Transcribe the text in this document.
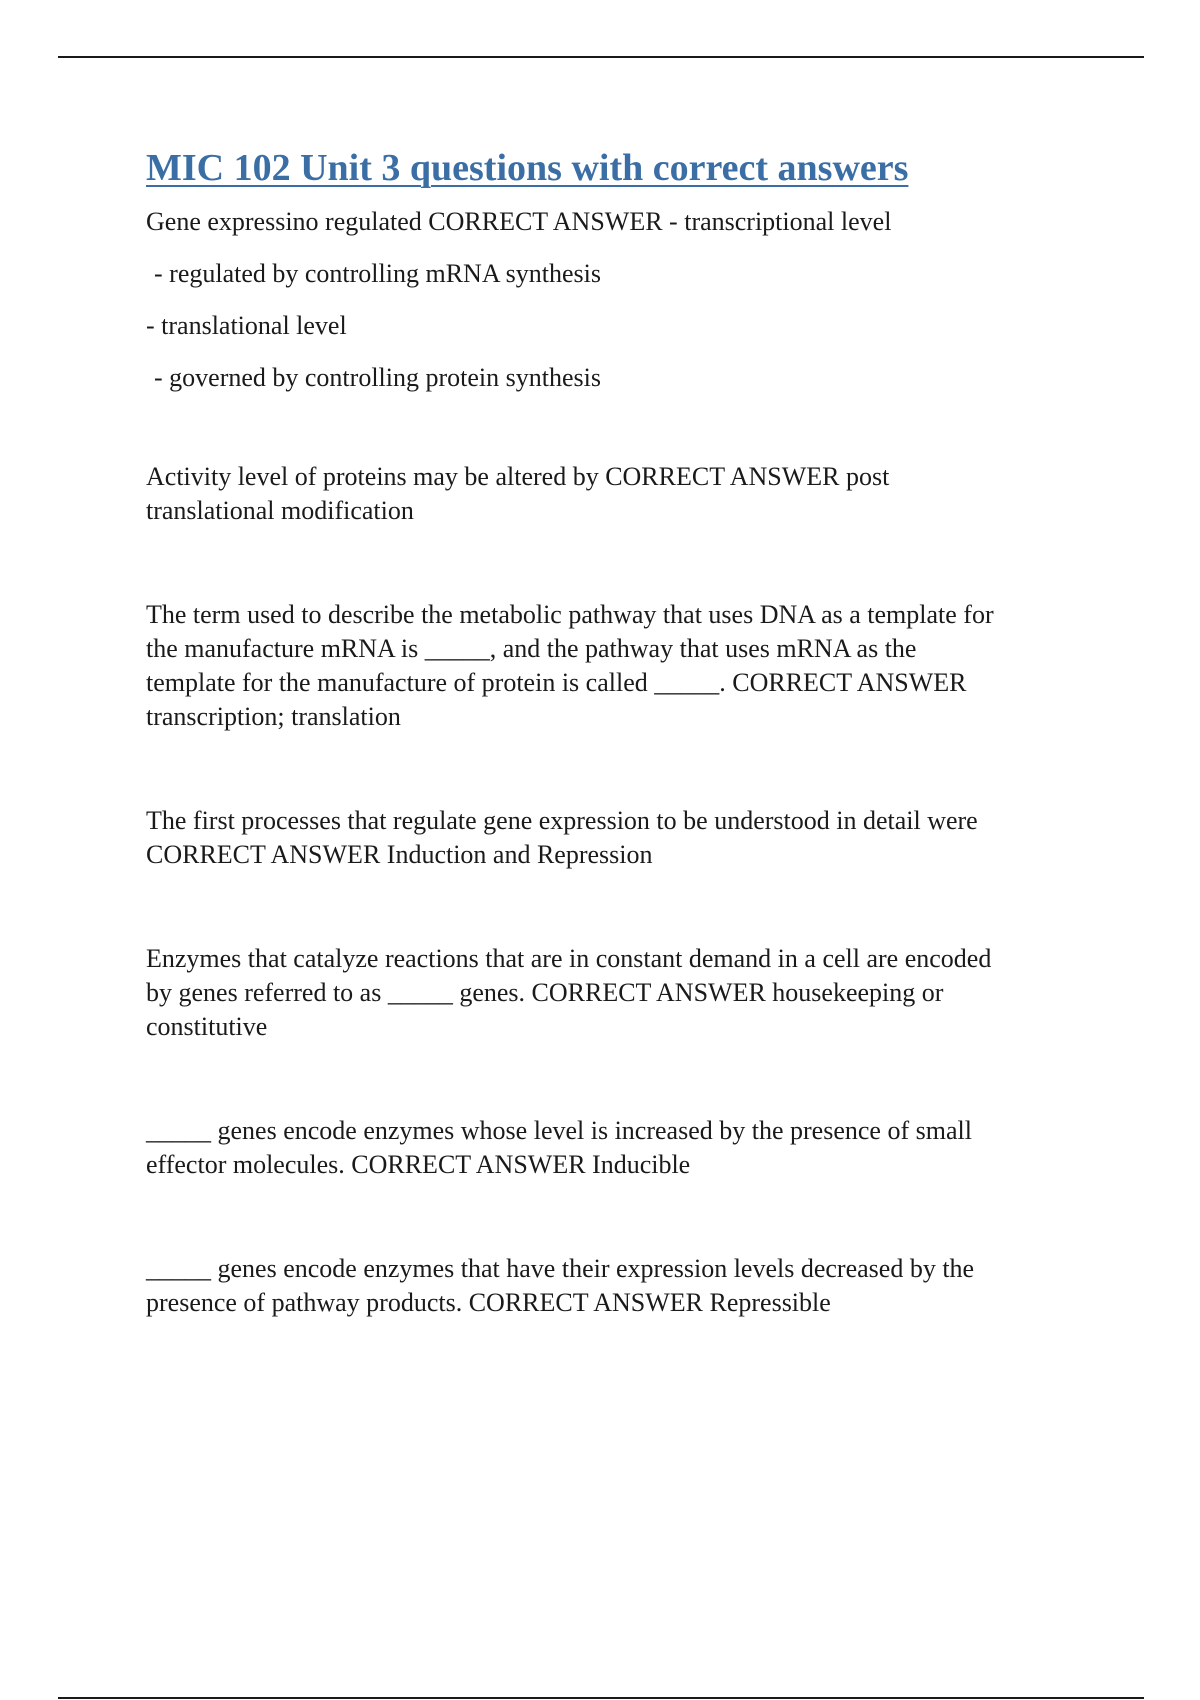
MIC 102 Unit 3 questions with correct answers

Gene expressino regulated CORRECT ANSWER - transcriptional level

- regulated by controlling mRNA synthesis

- translational level

- governed by controlling protein synthesis

Activity level of proteins may be altered by CORRECT ANSWER post
translational modification
The term used to describe the metabolic pathway that uses DNA as a template for
the manufacture mRNA is _____, and the pathway that uses mRNA as the
template for the manufacture of protein is called _____. CORRECT ANSWER
transcription; translation
The first processes that regulate gene expression to be understood in detail were
CORRECT ANSWER Induction and Repression
Enzymes that catalyze reactions that are in constant demand in a cell are encoded
by genes referred to as _____ genes. CORRECT ANSWER housekeeping or
constitutive
_____ genes encode enzymes whose level is increased by the presence of small
effector molecules. CORRECT ANSWER Inducible
_____ genes encode enzymes that have their expression levels decreased by the
presence of pathway products. CORRECT ANSWER Repressible
